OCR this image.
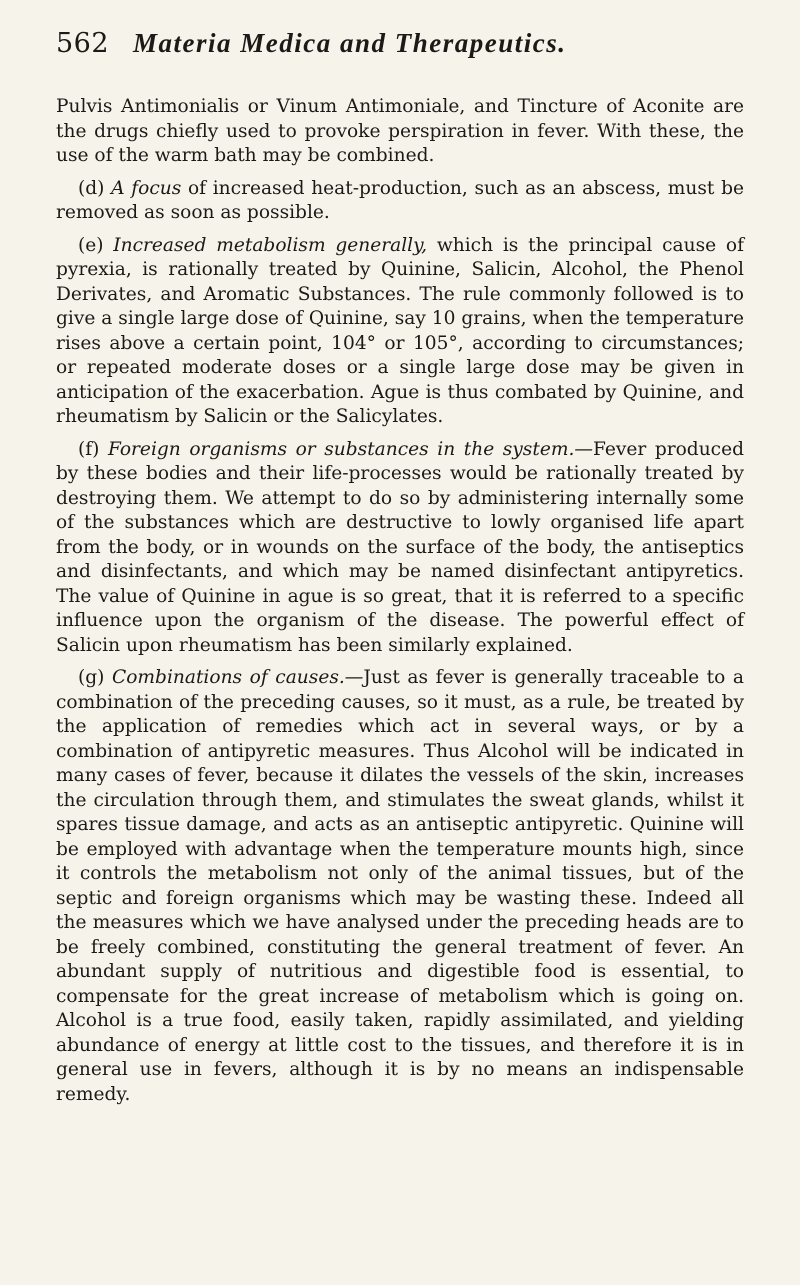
562 Materia Medica and Therapeutics.

Pulvis Antimonialis or Vinum Antimoniale, and Tincture of Aconite are the drugs chiefly used to provoke perspiration in fever. With these, the use of the warm bath may be combined.

(d) A focus of increased heat-production, such as an abscess, must be removed as soon as possible.

(e) Increased metabolism generally, which is the principal cause of pyrexia, is rationally treated by Quinine, Salicin, Alcohol, the Phenol Derivates, and Aromatic Substances. The rule commonly followed is to give a single large dose of Quinine, say 10 grains, when the temperature rises above a certain point, 104° or 105°, according to circumstances; or repeated moderate doses or a single large dose may be given in anticipation of the exacerbation. Ague is thus combated by Quinine, and rheumatism by Salicin or the Salicylates.

(f) Foreign organisms or substances in the system.—Fever produced by these bodies and their life-processes would be rationally treated by destroying them. We attempt to do so by administering internally some of the substances which are destructive to lowly organised life apart from the body, or in wounds on the surface of the body, the antiseptics and disinfectants, and which may be named disinfectant antipyretics. The value of Quinine in ague is so great, that it is referred to a specific influence upon the organism of the disease. The powerful effect of Salicin upon rheumatism has been similarly explained.

(g) Combinations of causes.—Just as fever is generally traceable to a combination of the preceding causes, so it must, as a rule, be treated by the application of remedies which act in several ways, or by a combination of antipyretic measures. Thus Alcohol will be indicated in many cases of fever, because it dilates the vessels of the skin, increases the circulation through them, and stimulates the sweat glands, whilst it spares tissue damage, and acts as an antiseptic antipyretic. Quinine will be employed with advantage when the temperature mounts high, since it controls the metabolism not only of the animal tissues, but of the septic and foreign organisms which may be wasting these. Indeed all the measures which we have analysed under the preceding heads are to be freely combined, constituting the general treatment of fever. An abundant supply of nutritious and digestible food is essential, to compensate for the great increase of metabolism which is going on. Alcohol is a true food, easily taken, rapidly assimilated, and yielding abundance of energy at little cost to the tissues, and therefore it is in general use in fevers, although it is by no means an indispensable remedy.
